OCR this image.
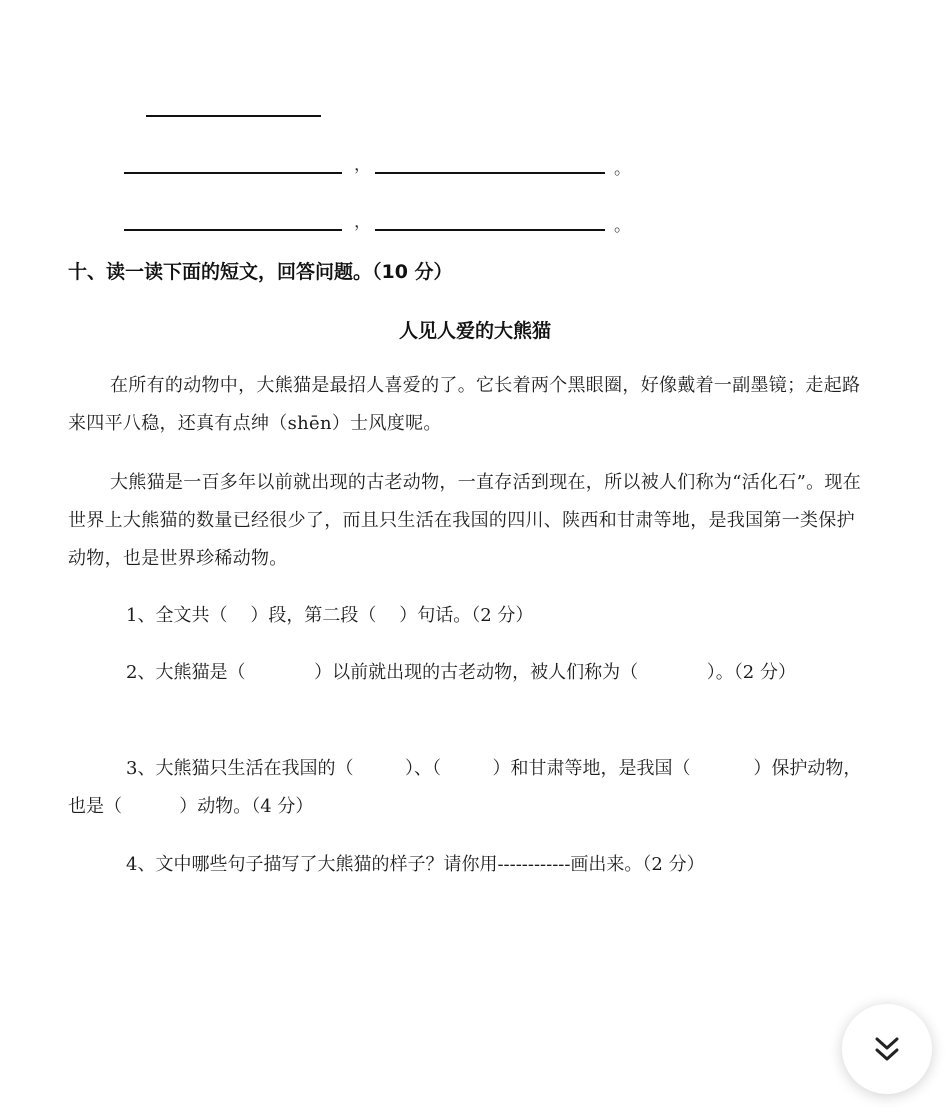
，	。
，	。
十、读一读下面的短文，回答问题。（10 分）
人见人爱的大熊猫
在所有的动物中，大熊猫是最招人喜爱的了。它长着两个黑眼圈，好像戴着一副墨镜；走起路来四平八稳，还真有点绅（shēn）士风度呢。
大熊猫是一百多年以前就出现的古老动物，一直存活到现在，所以被人们称为“活化石”。现在世界上大熊猫的数量已经很少了，而且只生活在我国的四川、陕西和甘肃等地，是我国第一类保护动物，也是世界珍稀动物。
1、全文共（    ）段，第二段（    ）句话。（2 分）
2、大熊猫是（            ）以前就出现的古老动物，被人们称为（            ）。（2 分）
3、大熊猫只生活在我国的（         ）、（         ）和甘肃等地，是我国（           ）保护动物，也是（          ）动物。（4 分）
4、文中哪些句子描写了大熊猫的样子？请你用------------画出来。（2 分）
